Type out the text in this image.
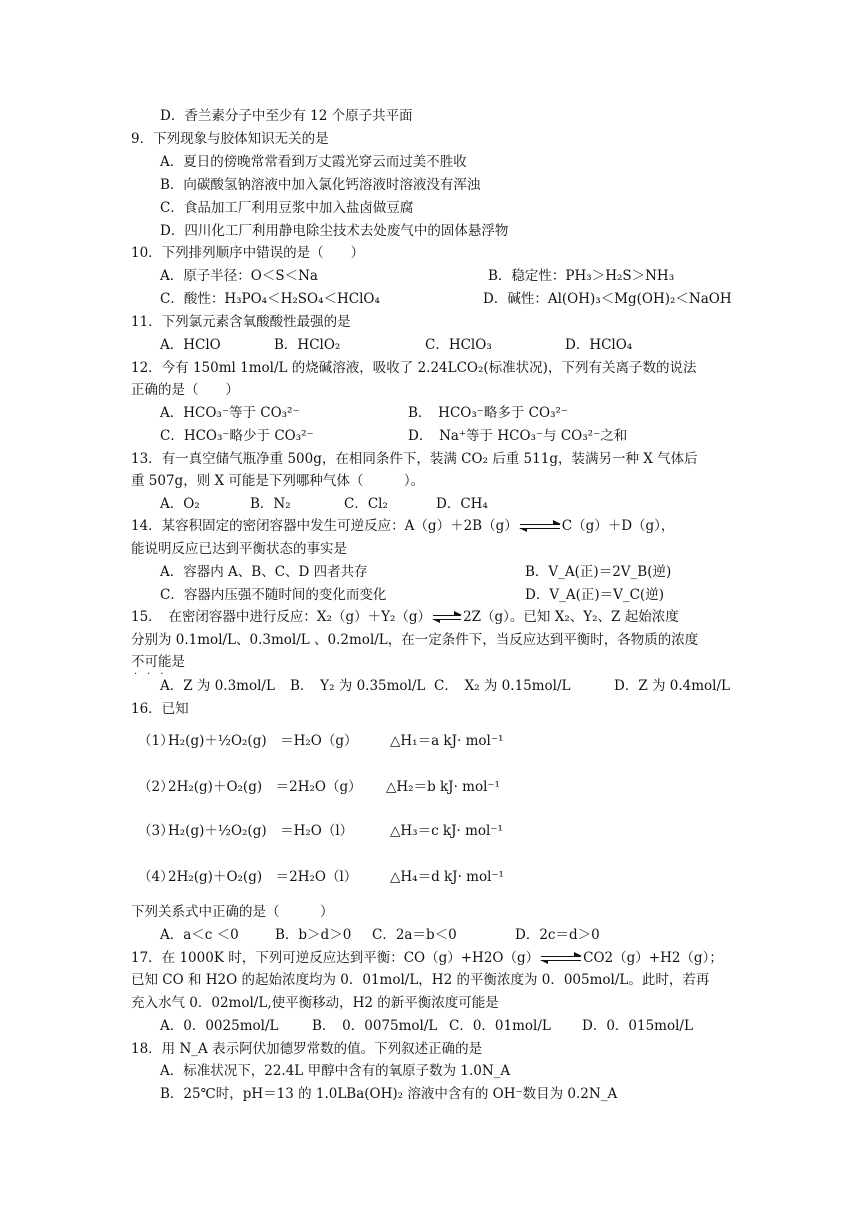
D．香兰素分子中至少有 12 个原子共平面
9．下列现象与胶体知识无关的是
A．夏日的傍晚常常看到万丈霞光穿云而过美不胜收
B．向碳酸氢钠溶液中加入氯化钙溶液时溶液没有浑浊
C．食品加工厂利用豆浆中加入盐卤做豆腐
D．四川化工厂利用静电除尘技术去处废气中的固体悬浮物
10．下列排列顺序中错误的是（　　）
A．原子半径：O＜S＜Na	B．稳定性：PH₃＞H₂S＞NH₃
C．酸性：H₃PO₄＜H₂SO₄＜HClO₄	D．碱性：Al(OH)₃＜Mg(OH)₂＜NaOH
11．下列氯元素含氧酸酸性最强的是
A．HClO	B．HClO₂	C．HClO₃	D．HClO₄
12．今有 150ml 1mol/L 的烧碱溶液，吸收了 2.24LCO₂(标准状况)，下列有关离子数的说法
正确的是（　　）
A．HCO₃⁻等于 CO₃²⁻	B．　HCO₃⁻略多于 CO₃²⁻
C．HCO₃⁻略少于 CO₃²⁻	D．　Na⁺等于 HCO₃⁻与 CO₃²⁻之和
13．有一真空储气瓶净重 500g，在相同条件下，装满 CO₂ 后重 511g，装满另一种 X 气体后
重 507g，则 X 可能是下列哪种气体（　　　）。
A．O₂	B．N₂	C．Cl₂	D．CH₄
14．某容积固定的密闭容器中发生可逆反应：A（g）＋2B（g）	C（g）＋D（g），
能说明反应已达到平衡状态的事实是
A．容器内 A、B、C、D 四者共存	B．V_A(正)＝2V_B(逆)
C．容器内压强不随时间的变化而变化	D．V_A(正)＝V_C(逆)
15．　在密闭容器中进行反应：X₂（g）＋Y₂（g） 2Z（g）。已知 X₂、Y₂、Z 起始浓度
分别为 0.1mol/L、0.3mol/L 、0.2mol/L，在一定条件下，当反应达到平衡时，各物质的浓度
不可能是
···
A．Z 为 0.3mol/L B．　Y₂ 为 0.35mol/L C．　X₂ 为 0.15mol/L	D．Z 为 0.4mol/L
16．已知
（1）
H₂(g)＋½O₂(g)　＝H₂O（g） △H₁＝a kJ· mol⁻¹
（2）
2H₂(g)＋O₂(g)　＝2H₂O（g） △H₂＝b kJ· mol⁻¹
（3）
H₂(g)＋½O₂(g)　＝H₂O（l）	△H₃＝c kJ· mol⁻¹
（4）
2H₂(g)＋O₂(g)　＝2H₂O（l） △H₄＝d kJ· mol⁻¹
下列关系式中正确的是（　　　）
A．a＜c ＜0	B．b＞d＞0 C．2a＝b＜0	D．2c＝d＞0
17．在 1000K 时，下列可逆反应达到平衡：CO（g）+H2O（g）	CO2（g）+H2（g）；
已知 CO 和 H2O 的起始浓度均为 0．01mol/L，H2 的平衡浓度为 0．005mol/L。此时，若再
充入水气 0．02mol/L,使平衡移动，H2 的新平衡浓度可能是
A．0．0025mol/L B．　0．0075mol/L C．0．01mol/L D．0．015mol/L
18．用 N_A 表示阿伏加德罗常数的值。下列叙述正确的是
A．标准状况下，22.4L 甲醇中含有的氧原子数为 1.0N_A
B．25℃时，pH＝13 的 1.0LBa(OH)₂ 溶液中含有的 OH⁻数目为 0.2N_A
